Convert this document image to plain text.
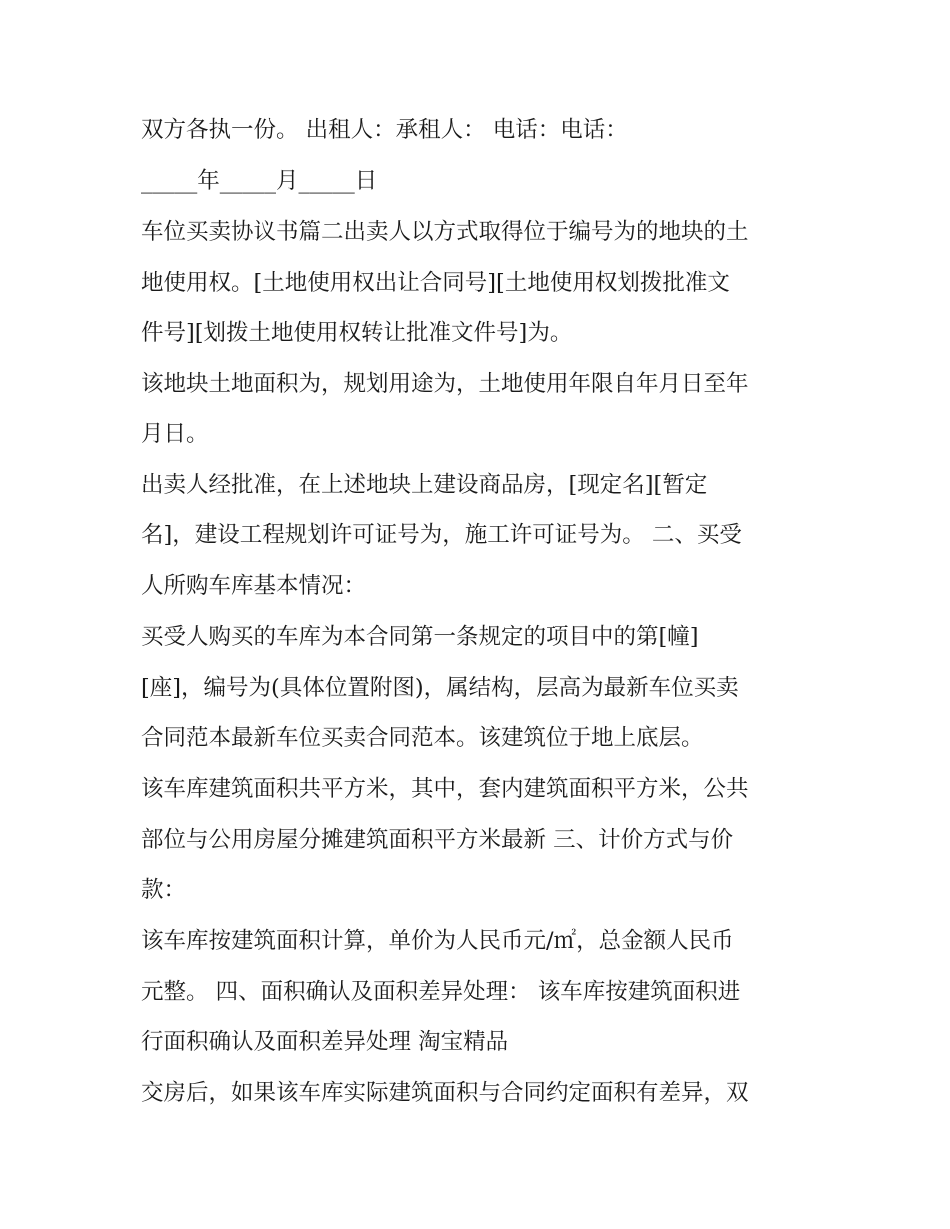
双方各执一份。 出租人：承租人： 电话：电话：
_____年_____月_____日
车位买卖协议书篇二出卖人以方式取得位于编号为的地块的土
地使用权。[土地使用权出让合同号][土地使用权划拨批准文
件号][划拨土地使用权转让批准文件号]为。
该地块土地面积为，规划用途为，土地使用年限自年月日至年
月日。
出卖人经批准，在上述地块上建设商品房，[现定名][暂定
名]，建设工程规划许可证号为，施工许可证号为。 二、买受
人所购车库基本情况：
买受人购买的车库为本合同第一条规定的项目中的第[幢]
[座]，编号为(具体位置附图)，属结构，层高为最新车位买卖
合同范本最新车位买卖合同范本。该建筑位于地上底层。
该车库建筑面积共平方米，其中，套内建筑面积平方米，公共
部位与公用房屋分摊建筑面积平方米最新 三、计价方式与价
款：
该车库按建筑面积计算，单价为人民币元/㎡，总金额人民币
元整。 四、面积确认及面积差异处理： 该车库按建筑面积进
行面积确认及面积差异处理 淘宝精品
交房后，如果该车库实际建筑面积与合同约定面积有差异，双
